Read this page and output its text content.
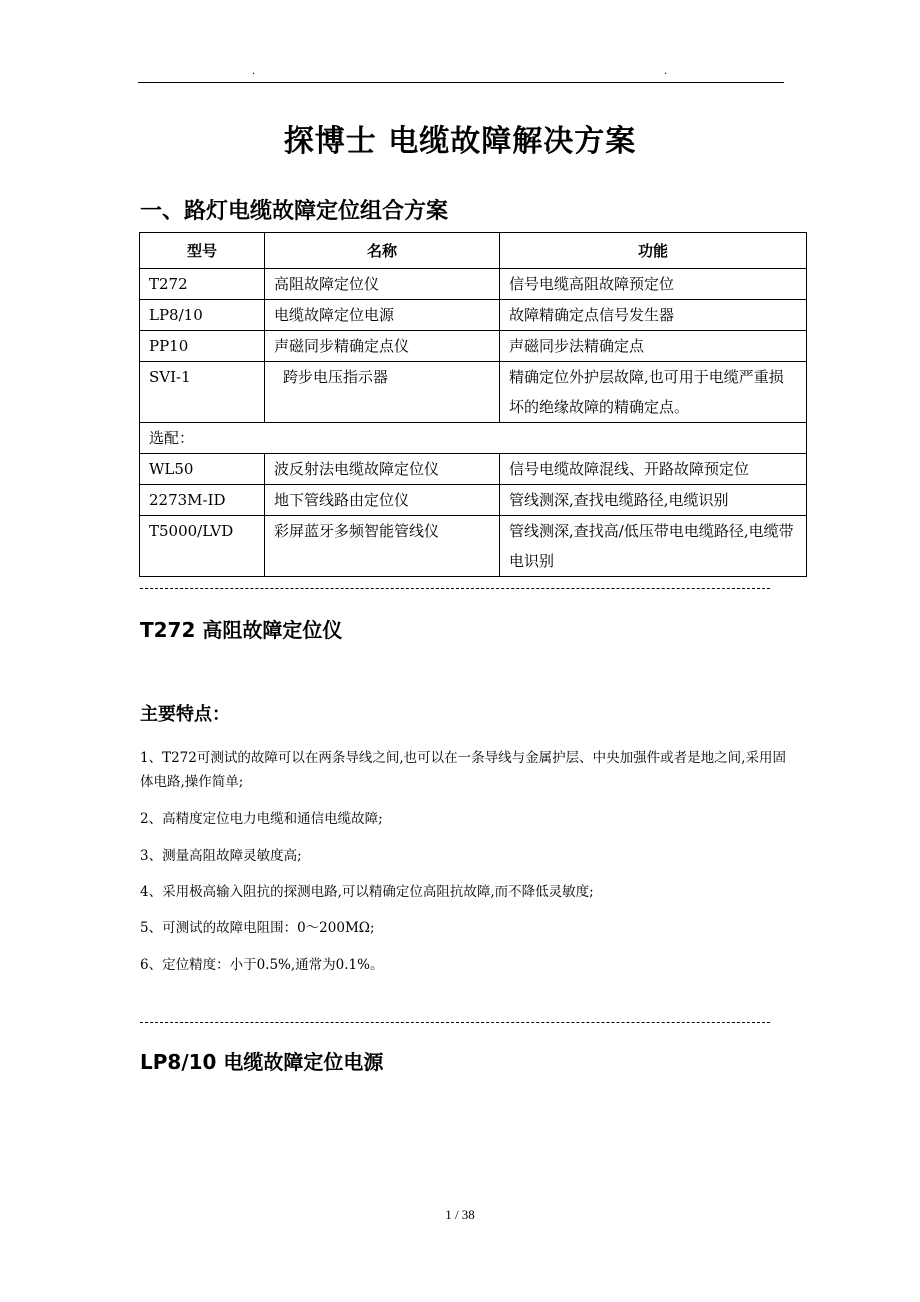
.	.
探博士 电缆故障解决方案
一、路灯电缆故障定位组合方案
型号	名称	功能
T272	高阻故障定位仪	信号电缆高阻故障预定位
LP8/10	电缆故障定位电源	故障精确定点信号发生器
PP10	声磁同步精确定点仪	声磁同步法精确定点
SVI-1	跨步电压指示器	精确定位外护层故障,也可用于电缆严重损坏的绝缘故障的精确定点。
选配：		
WL50	波反射法电缆故障定位仪	信号电缆故障混线、开路故障预定位
2273M-ID	地下管线路由定位仪	管线测深,查找电缆路径,电缆识别
T5000/LVD	彩屏蓝牙多频智能管线仪	管线测深,查找高/低压带电电缆路径,电缆带电识别
T272 高阻故障定位仪
主要特点：
1、T272可测试的故障可以在两条导线之间,也可以在一条导线与金属护层、中央加强件或者是地之间,采用固体电路,操作简单;
2、高精度定位电力电缆和通信电缆故障;
3、测量高阻故障灵敏度高;
4、采用极高输入阻抗的探测电路,可以精确定位高阻抗故障,而不降低灵敏度;
5、可测试的故障电阻围：0～200MΩ;
6、定位精度：小于0.5%,通常为0.1%。
LP8/10 电缆故障定位电源
1 / 38
